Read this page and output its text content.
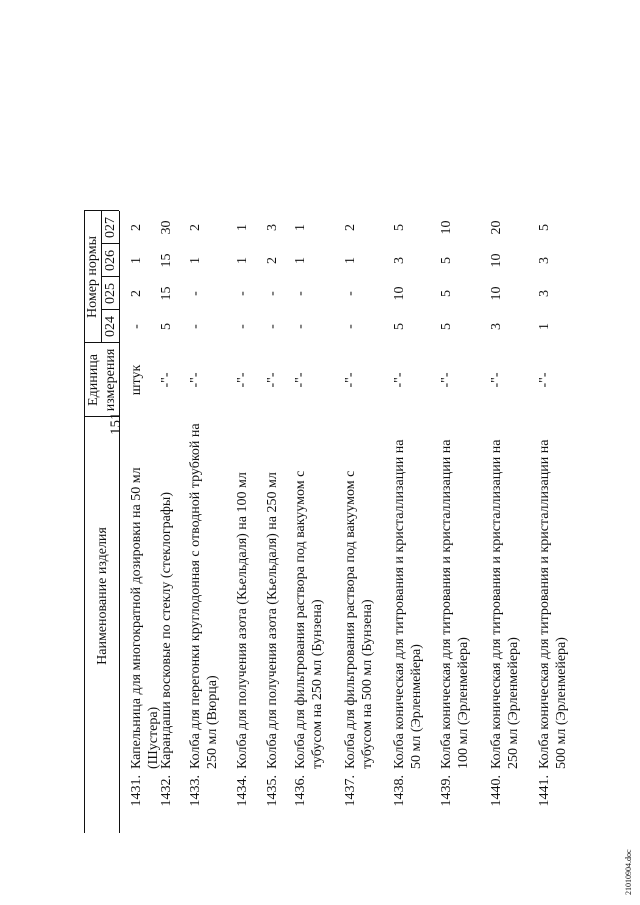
151
Наименование изделия
Единица измерения
Номер нормы
024
025
026
027
1431.
Капельница для многократной дозировки на 50 мл (Шустера)
штук
-
2
1
2
1432.
Карандаши восковые по стеклу (стеклографы)
-"-
5
15
15
30
1433.
Колба для перегонки круглодонная с отводной трубкой на 250 мл (Вюрца)
-"-
-
-
1
2
1434.
Колба для получения азота (Кьельдаля) на 100 мл
-"-
-
-
1
1
1435.
Колба для получения азота (Кьельдаля) на 250 мл
-"-
-
-
2
3
1436.
Колба для фильтрования раствора под вакуумом с тубусом на 250 мл (Бунзена)
-"-
-
-
1
1
1437.
Колба для фильтрования раствора под вакуумом с тубусом на 500 мл (Бунзена)
-"-
-
-
1
2
1438.
Колба коническая для титрования и кристаллизации на 50 мл (Эрленмейера)
-"-
5
10
3
5
1439.
Колба коническая для титрования и кристаллизации на 100 мл (Эрленмейера)
-"-
5
5
5
10
1440.
Колба коническая для титрования и кристаллизации на 250 мл (Эрленмейера)
-"-
3
10
10
20
1441.
Колба коническая для титрования и кристаллизации на 500 мл (Эрленмейера)
-"-
1
3
3
5
21010904.doc
